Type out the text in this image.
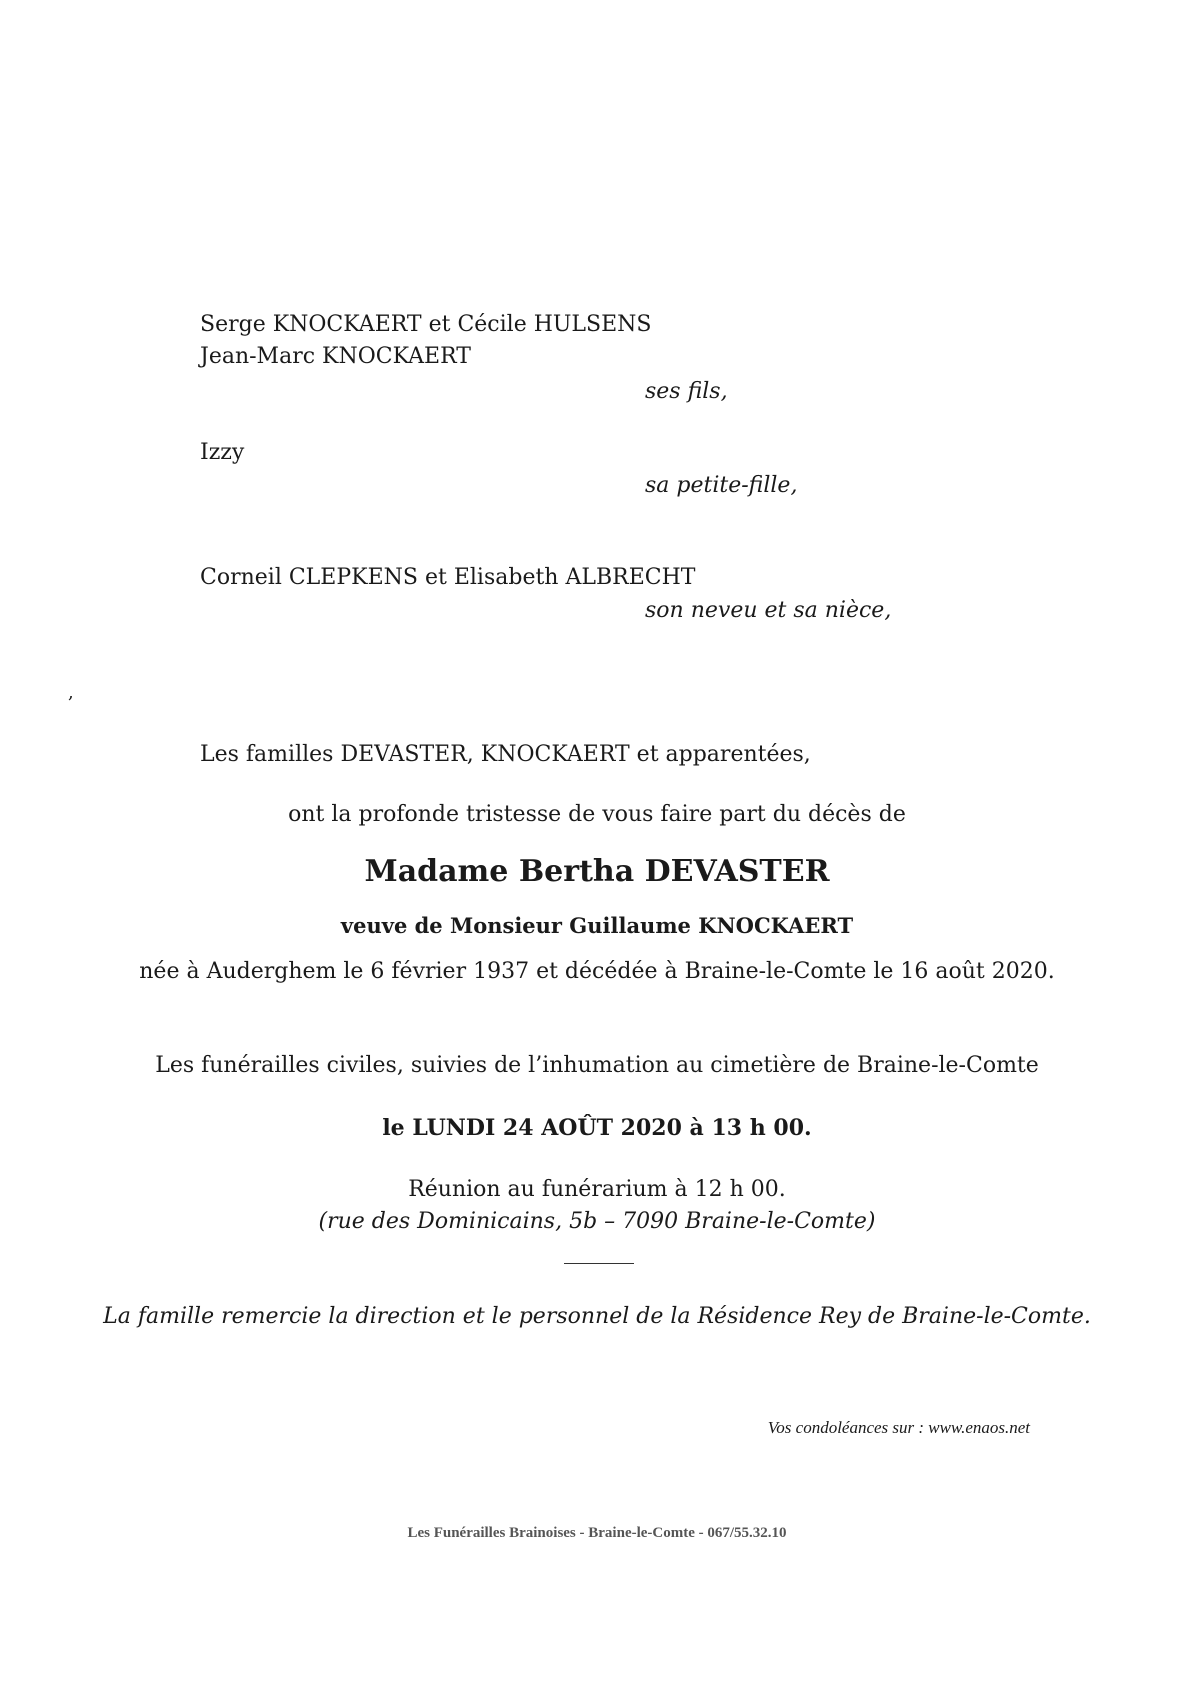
Serge KNOCKAERT et Cécile HULSENS
Jean-Marc KNOCKAERT
ses fils,
Izzy
sa petite-fille,
Corneil CLEPKENS et Elisabeth ALBRECHT
son neveu et sa nièce,
,
Les familles DEVASTER, KNOCKAERT et apparentées,
ont la profonde tristesse de vous faire part du décès de
Madame Bertha DEVASTER
veuve de Monsieur Guillaume KNOCKAERT
née à Auderghem le 6 février 1937 et décédée à Braine-le-Comte le 16 août 2020.
Les funérailles civiles, suivies de l’inhumation au cimetière de Braine-le-Comte
le LUNDI 24 AOÛT 2020 à 13 h 00.
Réunion au funérarium à 12 h 00.
(rue des Dominicains, 5b – 7090 Braine-le-Comte)
La famille remercie la direction et le personnel de la Résidence Rey de Braine-le-Comte.
Vos condoléances sur : www.enaos.net
Les Funérailles Brainoises - Braine-le-Comte - 067/55.32.10
